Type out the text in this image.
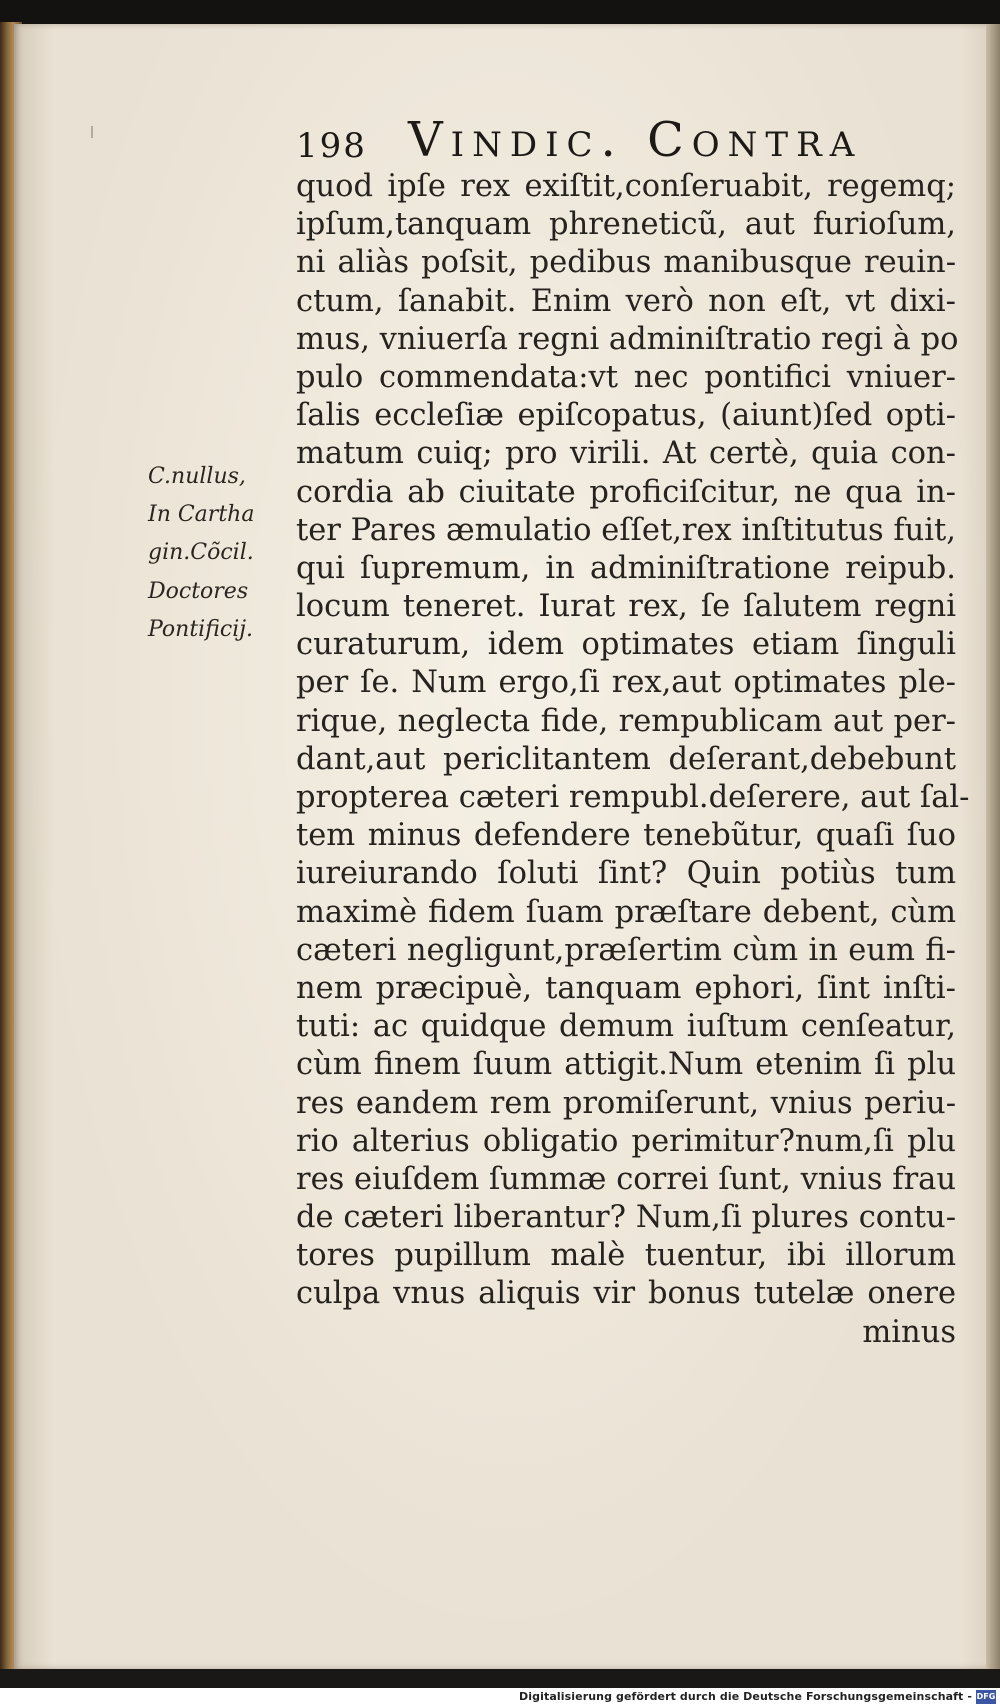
198 Vindic. Contra
C.nullus,
In Cartha
gin.Cõcil.
Doctores
Pontificij.
quod ipſe rex exiſtit,conſeruabit, regemq;
ipſum,tanquam phreneticũ, aut furioſum,
ni aliàs poſsit, pedibus manibusque reuin-
ctum, ſanabit. Enim verò non eſt, vt dixi-
mus, vniuerſa regni adminiſtratio regi à po
pulo commendata:vt nec pontifici vniuer-
ſalis eccleſiæ epiſcopatus, (aiunt)ſed opti-
matum cuiq; pro virili. At certè, quia con-
cordia ab ciuitate proficiſcitur, ne qua in-
ter Pares æmulatio eſſet,rex inſtitutus fuit,
qui ſupremum, in adminiſtratione reipub.
locum teneret. Iurat rex, ſe ſalutem regni
curaturum, idem optimates etiam ſinguli
per ſe. Num ergo,ſi rex,aut optimates ple-
rique, neglecta fide, rempublicam aut per-
dant,aut periclitantem deſerant,debebunt
propterea cæteri rempubl.deſerere, aut ſal-
tem minus defendere tenebũtur, quaſi ſuo
iureiurando ſoluti ſint? Quin potiùs tum
maximè fidem ſuam præſtare debent, cùm
cæteri negligunt,præſertim cùm in eum fi-
nem præcipuè, tanquam ephori, ſint inſti-
tuti: ac quidque demum iuſtum cenſeatur,
cùm finem ſuum attigit.Num etenim ſi plu
res eandem rem promiſerunt, vnius periu-
rio alterius obligatio perimitur?num,ſi plu
res eiuſdem ſummæ correi ſunt, vnius frau
de cæteri liberantur? Num,ſi plures contu-
tores pupillum malè tuentur, ibi illorum
culpa vnus aliquis vir bonus tutelæ onere
minus
Digitalisierung gefördert durch die Deutsche Forschungsgemeinschaft - DFG
